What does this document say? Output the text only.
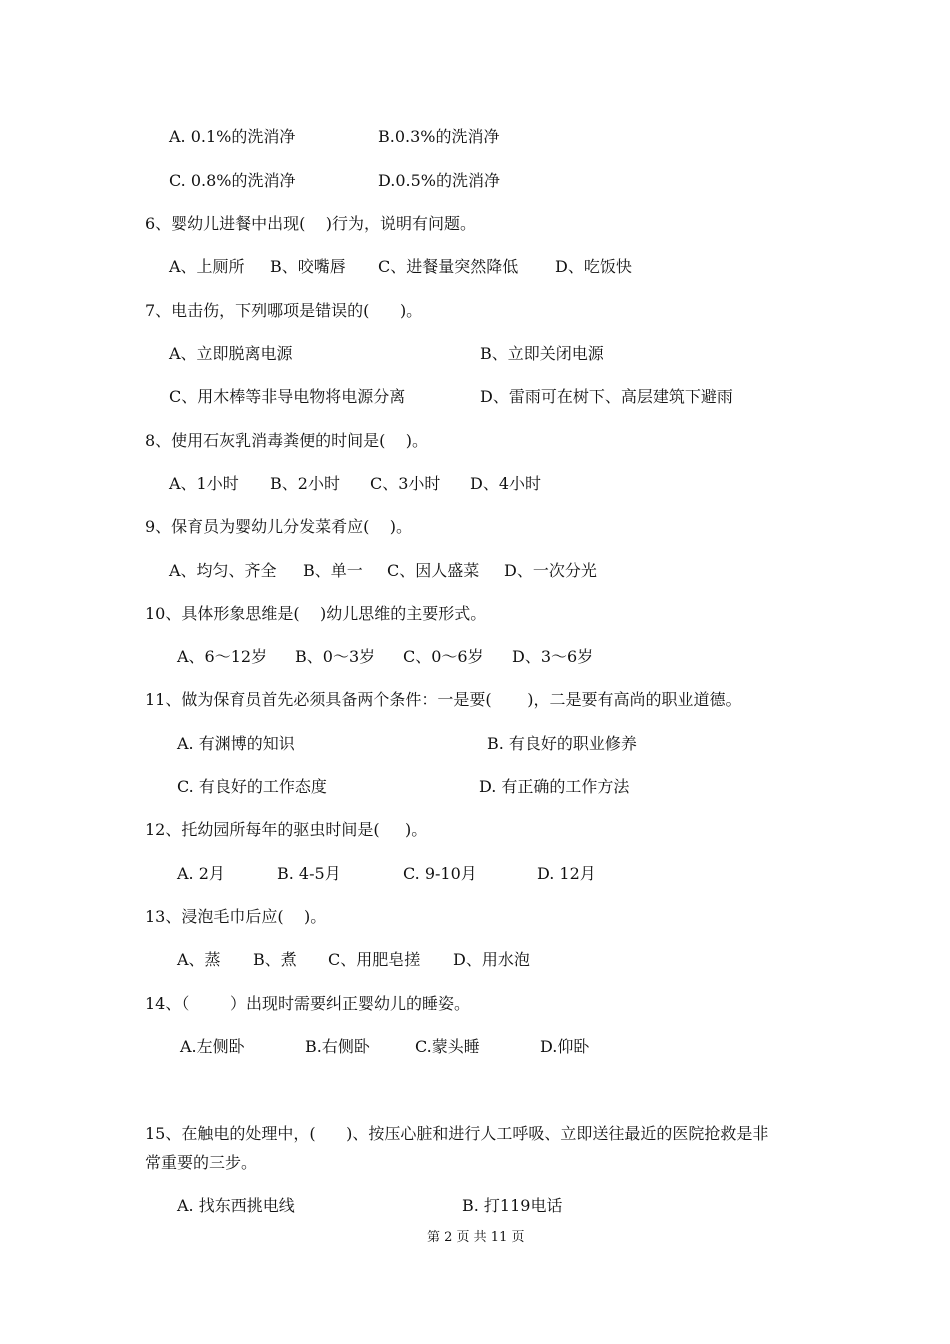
A. 0.1%的洗消净	B.0.3%的洗消净
C. 0.8%的洗消净	D.0.5%的洗消净
6、婴幼儿进餐中出现(    )行为，说明有问题。
A、上厕所 B、咬嘴唇 C、进餐量突然降低 D、吃饭快
7、电击伤，下列哪项是错误的(      )。
A、立即脱离电源	B、立即关闭电源
C、用木棒等非导电物将电源分离	D、雷雨可在树下、高层建筑下避雨
8、使用石灰乳消毒粪便的时间是(    )。
A、1小时 B、2小时 C、3小时 D、4小时
9、保育员为婴幼儿分发菜肴应(    )。
A、均匀、齐全 B、单一 C、因人盛菜 D、一次分光
10、具体形象思维是(    )幼儿思维的主要形式。
A、6～12岁 B、0～3岁 C、0～6岁 D、3～6岁
11、做为保育员首先必须具备两个条件：一是要(       )，二是要有高尚的职业道德。
A. 有渊博的知识	B. 有良好的职业修养
C. 有良好的工作态度	D. 有正确的工作方法
12、托幼园所每年的驱虫时间是(     )。
A. 2月	B. 4-5月	C. 9-10月	D. 12月
13、浸泡毛巾后应(    )。
A、蒸 B、煮 C、用肥皂搓 D、用水泡
14、（        ）出现时需要纠正婴幼儿的睡姿。
A.左侧卧	B.右侧卧	C.蒙头睡	D.仰卧
15、在触电的处理中，(      )、按压心脏和进行人工呼吸、立即送往最近的医院抢救是非
常重要的三步。
A. 找东西挑电线	B. 打119电话
第 2 页 共 11 页
